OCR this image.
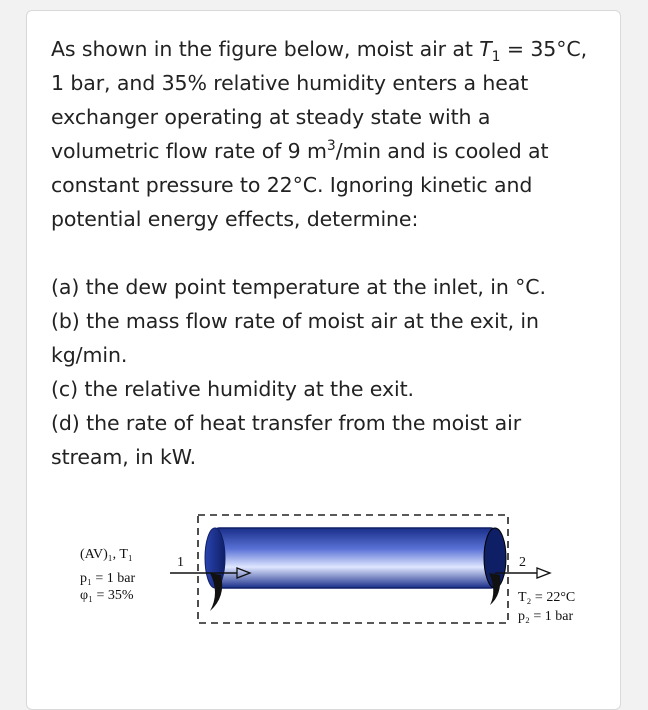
As shown in the figure below, moist air at $T_1 = 35^\circ C$, 1 bar, and 35% relative humidity enters a heat exchanger operating at steady state with a volumetric flow rate of 9 $m^3/\min$ and is cooled at constant pressure to 22°C. Ignoring kinetic and potential energy effects, determine:

(a) the dew point temperature at the inlet, in °C.

(b) the mass flow rate of moist air at the exit, in kg/min.

(c) the relative humidity at the exit.

(d) the rate of heat transfer from the moist air stream, in kW.

(AV)₁, T₁
p₁ = 1 bar
φ₁ = 35%
1	2
T₂ = 22°C
p₂ = 1 bar
